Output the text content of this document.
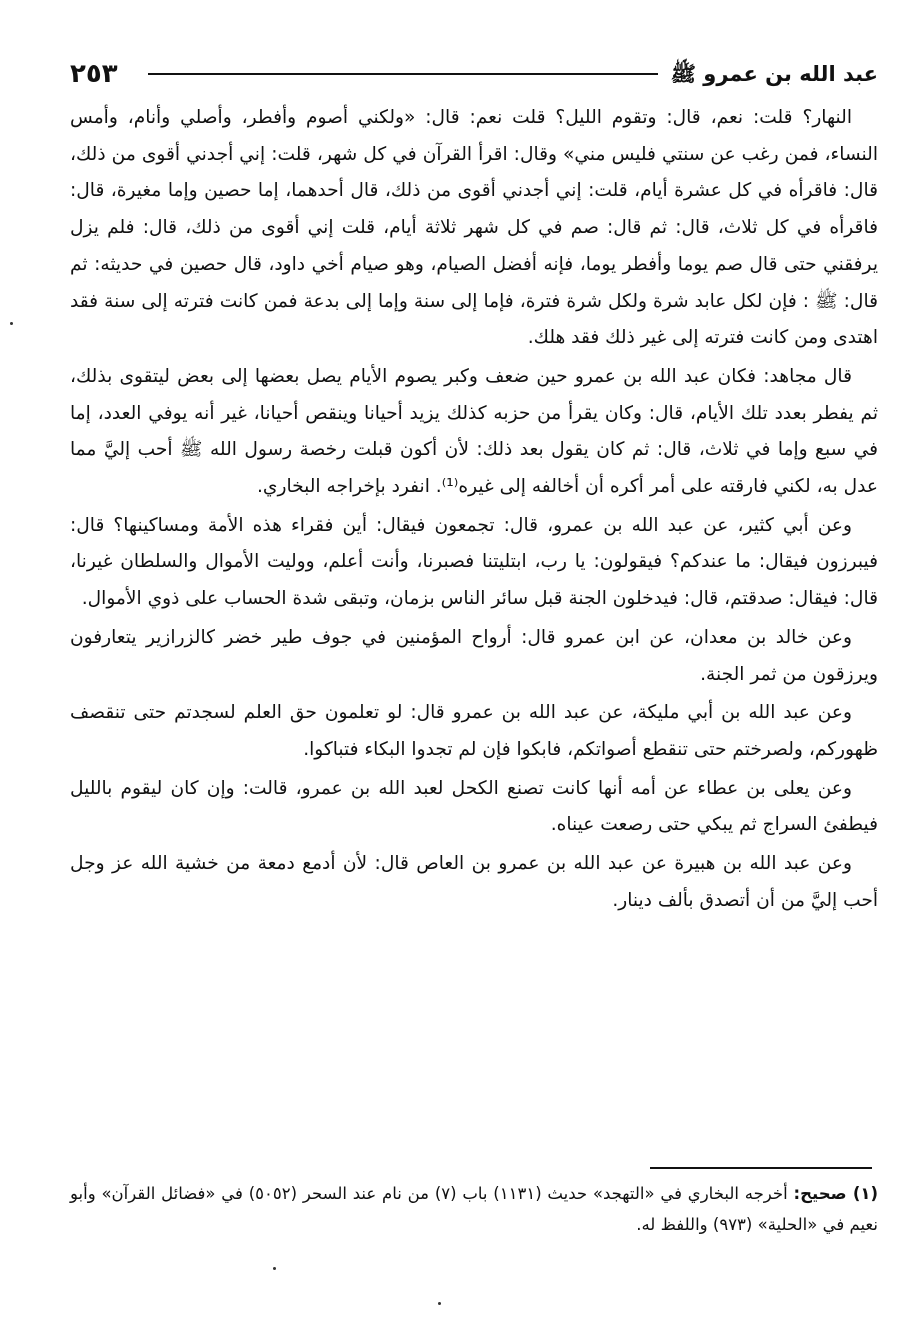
٢٥٣	عبد الله بن عمرو ﷺ

النهار؟ قلت: نعم، قال: وتقوم الليل؟ قلت نعم: قال: «ولكني أصوم وأفطر، وأصلي وأنام، وأمس النساء، فمن رغب عن سنتي فليس مني» وقال: اقرأ القرآن في كل شهر، قلت: إني أجدني أقوى من ذلك، قال: فاقرأه في كل عشرة أيام، قلت: إني أجدني أقوى من ذلك، قال أحدهما، إما حصين وإما مغيرة، قال: فاقرأه في كل ثلاث، قال: ثم قال: صم في كل شهر ثلاثة أيام، قلت إني أقوى من ذلك، قال: فلم يزل يرفقني حتى قال صم يوما وأفطر يوما، فإنه أفضل الصيام، وهو صيام أخي داود، قال حصين في حديثه: ثم قال: ﷺ : فإن لكل عابد شرة ولكل شرة فترة، فإما إلى سنة وإما إلى بدعة فمن كانت فترته إلى سنة فقد اهتدى ومن كانت فترته إلى غير ذلك فقد هلك.

قال مجاهد: فكان عبد الله بن عمرو حين ضعف وكبر يصوم الأيام يصل بعضها إلى بعض ليتقوى بذلك، ثم يفطر بعدد تلك الأيام، قال: وكان يقرأ من حزبه كذلك يزيد أحيانا وينقص أحيانا، غير أنه يوفي العدد، إما في سبع وإما في ثلاث، قال: ثم كان يقول بعد ذلك: لأن أكون قبلت رخصة رسول الله ﷺ أحب إليَّ مما عدل به، لكني فارقته على أمر أكره أن أخالفه إلى غيره⁽¹⁾. انفرد بإخراجه البخاري.

وعن أبي كثير، عن عبد الله بن عمرو، قال: تجمعون فيقال: أين فقراء هذه الأمة ومساكينها؟ قال: فيبرزون فيقال: ما عندكم؟ فيقولون: يا رب، ابتليتنا فصبرنا، وأنت أعلم، ووليت الأموال والسلطان غيرنا، قال: فيقال: صدقتم، قال: فيدخلون الجنة قبل سائر الناس بزمان، وتبقى شدة الحساب على ذوي الأموال.

وعن خالد بن معدان، عن ابن عمرو قال: أرواح المؤمنين في جوف طير خضر كالزرازير يتعارفون ويرزقون من ثمر الجنة.

وعن عبد الله بن أبي مليكة، عن عبد الله بن عمرو قال: لو تعلمون حق العلم لسجدتم حتى تنقصف ظهوركم، ولصرختم حتى تنقطع أصواتكم، فابكوا فإن لم تجدوا البكاء فتباكوا.

وعن يعلى بن عطاء عن أمه أنها كانت تصنع الكحل لعبد الله بن عمرو، قالت: وإن كان ليقوم بالليل فيطفئ السراج ثم يبكي حتى رصعت عيناه.

وعن عبد الله بن هبيرة عن عبد الله بن عمرو بن العاص قال: لأن أدمع دمعة من خشية الله عز وجل أحب إليَّ من أن أتصدق بألف دينار.

(١) صحيح: أخرجه البخاري في «التهجد» حديث (١١٣١) باب (٧) من نام عند السحر (٥٠٥٢) في «فضائل القرآن» وأبو نعيم في «الحلية» (٩٧٣) واللفظ له.
